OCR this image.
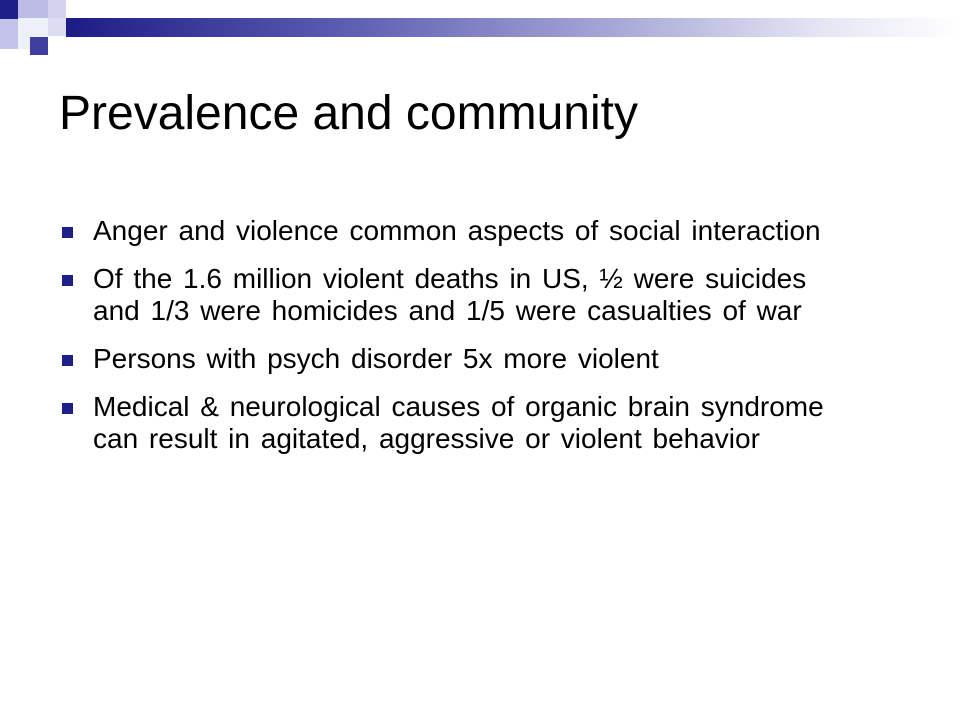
Prevalence and community
Anger and violence common aspects of social interaction
Of the 1.6 million violent deaths in US, ½ were suicides and 1/3 were homicides and 1/5 were casualties of war
Persons with psych disorder 5x more violent
Medical & neurological causes of organic brain syndrome can result in agitated, aggressive or violent behavior
